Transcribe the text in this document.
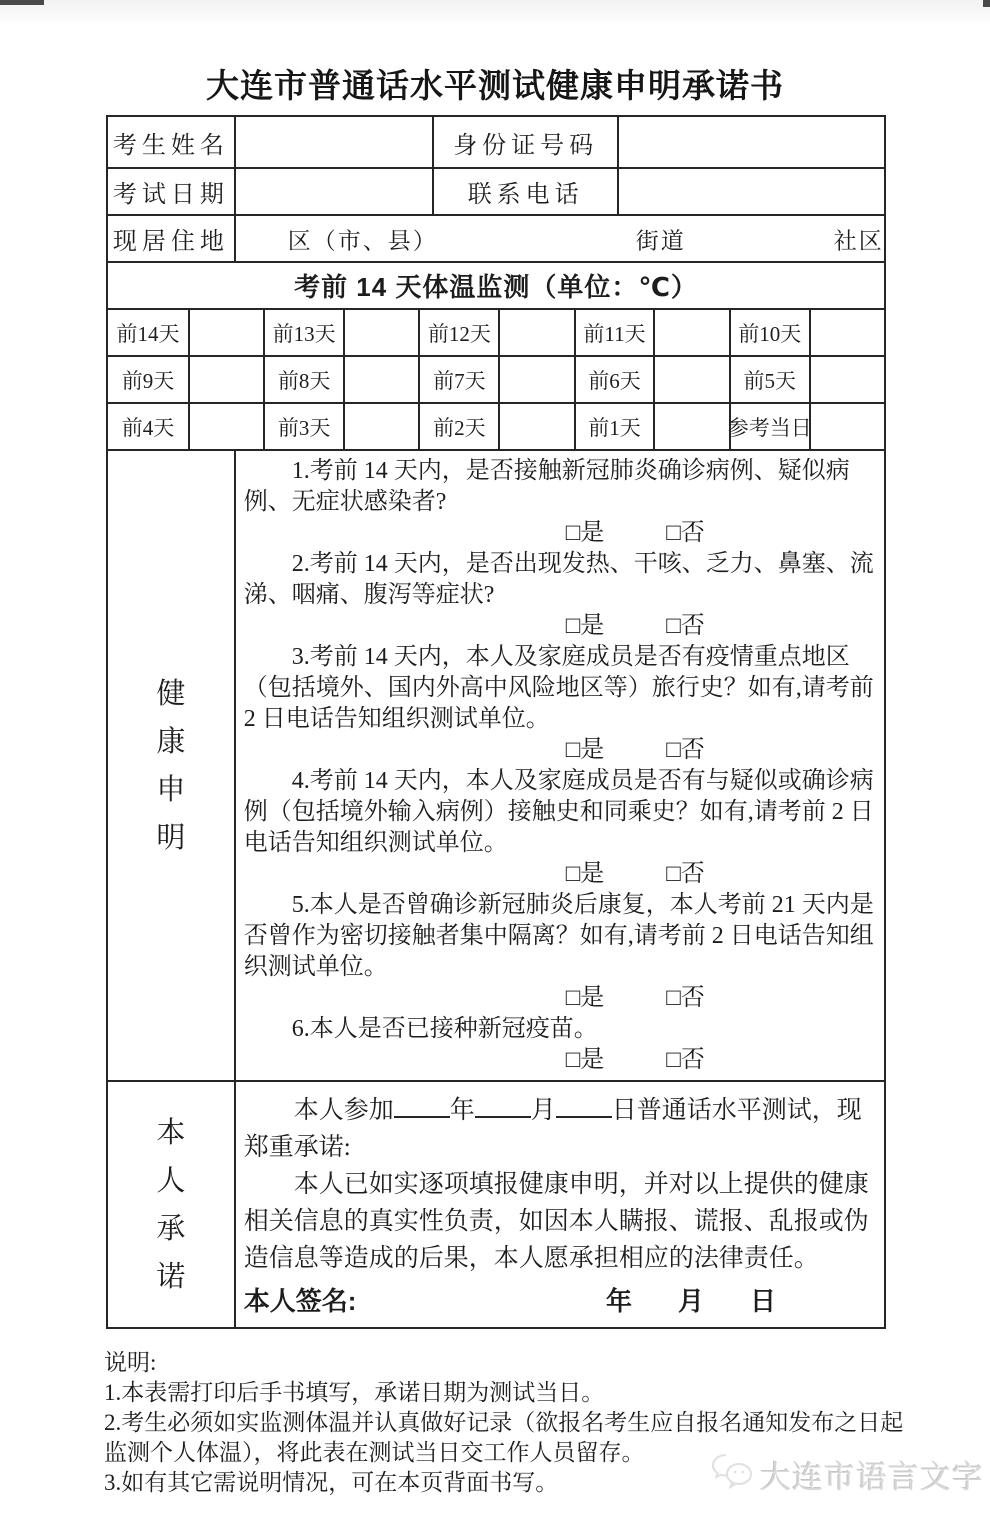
大连市普通话水平测试健康申明承诺书
考生姓名	身份证号码
考试日期	联系电话
现居住地	区（市、县）	街道	社区
考前 14 天体温监测（单位：℃）
前14天	前13天	前12天	前11天	前10天
前9天	前8天	前7天	前6天	前5天
前4天	前3天	前2天	前1天	参考当日
健康申明
1.考前 14 天内，是否接触新冠肺炎确诊病例、疑似病例、无症状感染者?
□是	□否
2.考前 14 天内，是否出现发热、干咳、乏力、鼻塞、流涕、咽痛、腹泻等症状?
□是	□否
3.考前 14 天内，本人及家庭成员是否有疫情重点地区（包括境外、国内外高中风险地区等）旅行史？如有,请考前 2 日电话告知组织测试单位。
□是	□否
4.考前 14 天内，本人及家庭成员是否有与疑似或确诊病例（包括境外输入病例）接触史和同乘史？如有,请考前 2 日电话告知组织测试单位。
□是	□否
5.本人是否曾确诊新冠肺炎后康复，本人考前 21 天内是否曾作为密切接触者集中隔离？如有,请考前 2 日电话告知组织测试单位。
□是	□否
6.本人是否已接种新冠疫苗。
□是	□否
本人承诺
本人参加 年 月 日普通话水平测试，现郑重承诺:
本人已如实逐项填报健康申明，并对以上提供的健康相关信息的真实性负责，如因本人瞒报、谎报、乱报或伪造信息等造成的后果，本人愿承担相应的法律责任。
本人签名:	年 月 日
说明:
1.本表需打印后手书填写，承诺日期为测试当日。
2.考生必须如实监测体温并认真做好记录（欲报名考生应自报名通知发布之日起监测个人体温），将此表在测试当日交工作人员留存。
3.如有其它需说明情况，可在本页背面书写。	大连市语言文字
